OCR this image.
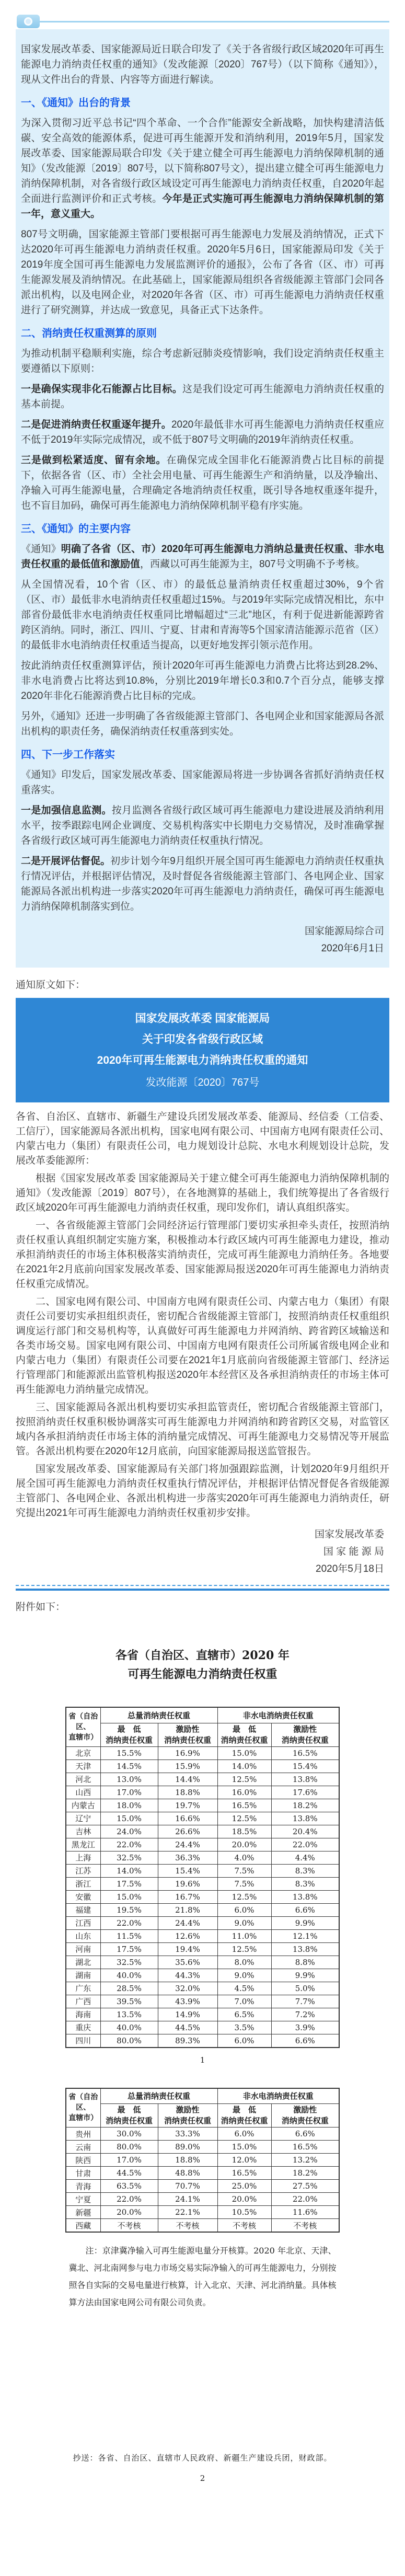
国家发展改革委、国家能源局近日联合印发了《关于各省级行政区域2020年可再生能源电力消纳责任权重的通知》（发改能源〔2020〕767号）（以下简称《通知》），现从文件出台的背景、内容等方面进行解读。

一、《通知》出台的背景

为深入贯彻习近平总书记“四个革命、一个合作”能源安全新战略，加快构建清洁低碳、安全高效的能源体系，促进可再生能源开发和消纳利用，2019年5月，国家发展改革委、国家能源局联合印发《关于建立健全可再生能源电力消纳保障机制的通知》（发改能源〔2019〕807号，以下简称807号文），提出建立健全可再生能源电力消纳保障机制，对各省级行政区域设定可再生能源电力消纳责任权重，自2020年起全面进行监测评价和正式考核。今年是正式实施可再生能源电力消纳保障机制的第一年，意义重大。

807号文明确，国家能源主管部门要根据可再生能源电力发展及消纳情况，正式下达2020年可再生能源电力消纳责任权重。2020年5月6日，国家能源局印发《关于2019年度全国可再生能源电力发展监测评价的通报》，公布了各省（区、市）可再生能源发展及消纳情况。在此基础上，国家能源局组织各省级能源主管部门会同各派出机构，以及电网企业，对2020年各省（区、市）可再生能源电力消纳责任权重进行了研究测算，并达成一致意见，具备正式下达条件。

二、消纳责任权重测算的原则

为推动机制平稳顺利实施，综合考虑新冠肺炎疫情影响，我们设定消纳责任权重主要遵循以下原则：

一是确保实现非化石能源占比目标。这是我们设定可再生能源电力消纳责任权重的基本前提。

二是促进消纳责任权重逐年提升。2020年最低非水可再生能源电力消纳责任权重应不低于2019年实际完成情况，或不低于807号文明确的2019年消纳责任权重。

三是做到松紧适度、留有余地。在确保完成全国非化石能源消费占比目标的前提下，依据各省（区、市）全社会用电量、可再生能源生产和消纳量，以及净输出、净输入可再生能源电量，合理确定各地消纳责任权重，既引导各地权重逐年提升，也不盲目加码，确保可再生能源电力消纳保障机制平稳有序实施。

三、《通知》的主要内容

《通知》明确了各省（区、市）2020年可再生能源电力消纳总量责任权重、非水电责任权重的最低值和激励值，西藏以可再生能源为主，807号文明确不予考核。

从全国情况看，10个省（区、市）的最低总量消纳责任权重超过30%，9个省（区、市）最低非水电消纳责任权重超过15%。与2019年实际完成情况相比，东中部省份最低非水电消纳责任权重同比增幅超过“三北”地区，有利于促进新能源跨省跨区消纳。同时，浙江、四川、宁夏、甘肃和青海等5个国家清洁能源示范省（区）的最低非水电消纳责任权重适当提高，以更好地发挥引领示范作用。

按此消纳责任权重测算评估，预计2020年可再生能源电力消费占比将达到28.2%、非水电消费占比将达到10.8%，分别比2019年增长0.3和0.7个百分点，能够支撑2020年非化石能源消费占比目标的完成。

另外，《通知》还进一步明确了各省级能源主管部门、各电网企业和国家能源局各派出机构的职责任务，确保消纳责任权重落到实处。

四、下一步工作落实

《通知》印发后，国家发展改革委、国家能源局将进一步协调各省抓好消纳责任权重落实。

一是加强信息监测。按月监测各省级行政区域可再生能源电力建设进展及消纳利用水平，按季跟踪电网企业调度、交易机构落实中长期电力交易情况，及时准确掌握各省级行政区域可再生能源电力消纳责任权重执行情况。

二是开展评估督促。初步计划今年9月组织开展全国可再生能源电力消纳责任权重执行情况评估，并根据评估情况，及时督促各省级能源主管部门、各电网企业、国家能源局各派出机构进一步落实2020年可再生能源电力消纳责任，确保可再生能源电力消纳保障机制落实到位。

国家能源局综合司
2020年6月1日
通知原文如下：
国家发展改革委 国家能源局
关于印发各省级行政区域
2020年可再生能源电力消纳责任权重的通知
发改能源〔2020〕767号

各省、自治区、直辖市、新疆生产建设兵团发展改革委、能源局、经信委（工信委、工信厅），国家能源局各派出机构，国家电网有限公司、中国南方电网有限责任公司、内蒙古电力（集团）有限责任公司，电力规划设计总院、水电水利规划设计总院，发展改革委能源所：

根据《国家发展改革委 国家能源局关于建立健全可再生能源电力消纳保障机制的通知》（发改能源〔2019〕807号），在各地测算的基础上，我们统筹提出了各省级行政区域2020年可再生能源电力消纳责任权重，现印发你们，请认真组织落实。

一、各省级能源主管部门会同经济运行管理部门要切实承担牵头责任，按照消纳责任权重认真组织制定实施方案，积极推动本行政区域内可再生能源电力建设，推动承担消纳责任的市场主体积极落实消纳责任，完成可再生能源电力消纳任务。各地要在2021年2月底前向国家发展改革委、国家能源局报送2020年可再生能源电力消纳责任权重完成情况。

二、国家电网有限公司、中国南方电网有限责任公司、内蒙古电力（集团）有限责任公司要切实承担组织责任，密切配合省级能源主管部门，按照消纳责任权重组织调度运行部门和交易机构等，认真做好可再生能源电力并网消纳、跨省跨区域输送和各类市场交易。国家电网有限公司、中国南方电网有限责任公司所属省级电网企业和内蒙古电力（集团）有限责任公司要在2021年1月底前向省级能源主管部门、经济运行管理部门和能源派出监管机构报送2020年本经营区及各承担消纳责任的市场主体可再生能源电力消纳量完成情况。

三、国家能源局各派出机构要切实承担监管责任，密切配合省级能源主管部门，按照消纳责任权重积极协调落实可再生能源电力并网消纳和跨省跨区交易，对监管区域内各承担消纳责任市场主体的消纳量完成情况、可再生能源电力交易情况等开展监管。各派出机构要在2020年12月底前，向国家能源局报送监管报告。

国家发展改革委、国家能源局有关部门将加强跟踪监测，计划2020年9月组织开展全国可再生能源电力消纳责任权重执行情况评估，并根据评估情况督促各省级能源主管部门、各电网企业、各派出机构进一步落实2020年可再生能源电力消纳责任，研究提出2021年可再生能源电力消纳责任权重初步安排。

国家发展改革委
国 家 能 源 局
2020年5月18日
附件如下：
各省（自治区、直辖市）2020 年
可再生能源电力消纳责任权重
省（自治区、
直辖市）	总量消纳责任权重		非水电消纳责任权重	

最　低
消纳责任权重

激励性
消纳责任权重

最　低
消纳责任权重

激励性
消纳责任权重

北京	15.5%	16.9%	15.0%	16.5%
天津	14.5%	15.9%	14.0%	15.4%
河北	13.0%	14.4%	12.5%	13.8%
山西	17.0%	18.8%	16.0%	17.6%
内蒙古	18.0%	19.7%	16.5%	18.2%
辽宁	15.0%	16.6%	12.5%	13.8%
吉林	24.0%	26.6%	18.5%	20.4%
黑龙江	22.0%	24.4%	20.0%	22.0%
上海	32.5%	36.3%	4.0%	4.4%
江苏	14.0%	15.4%	7.5%	8.3%
浙江	17.5%	19.6%	7.5%	8.3%
安徽	15.0%	16.7%	12.5%	13.8%
福建	19.5%	21.8%	6.0%	6.6%
江西	22.0%	24.4%	9.0%	9.9%
山东	11.5%	12.6%	11.0%	12.1%
河南	17.5%	19.4%	12.5%	13.8%
湖北	32.5%	35.6%	8.0%	8.8%
湖南	40.0%	44.3%	9.0%	9.9%
广东	28.5%	32.0%	4.5%	5.0%
广西	39.5%	43.9%	7.0%	7.7%
海南	13.5%	14.9%	6.5%	7.2%
重庆	40.0%	44.5%	3.5%	3.9%
四川	80.0%	89.3%	6.0%	6.6%
1
省（自治区、
直辖市）	总量消纳责任权重		非水电消纳责任权重	

最　低
消纳责任权重

激励性
消纳责任权重

最　低
消纳责任权重

激励性
消纳责任权重

贵州	30.0%	33.3%	6.0%	6.6%
云南	80.0%	89.0%	15.0%	16.5%
陕西	17.0%	18.8%	12.0%	13.2%
甘肃	44.5%	48.8%	16.5%	18.2%
青海	63.5%	70.7%	25.0%	27.5%
宁夏	22.0%	24.1%	20.0%	22.0%
新疆	20.0%	22.1%	10.5%	11.6%
西藏	不考核	不考核	不考核	不考核
注：京津冀净输入可再生能源电量分开核算。2020 年北京、天津、冀北、河北南网参与电力市场交易实际净输入的可再生能源电力，分别按照各自实际的交易电量进行核算，计入北京、天津、河北消纳量。具体核算方法由国家电网公司有限公司负责。
抄送：各省、自治区、直辖市人民政府、新疆生产建设兵团，财政部。
2
